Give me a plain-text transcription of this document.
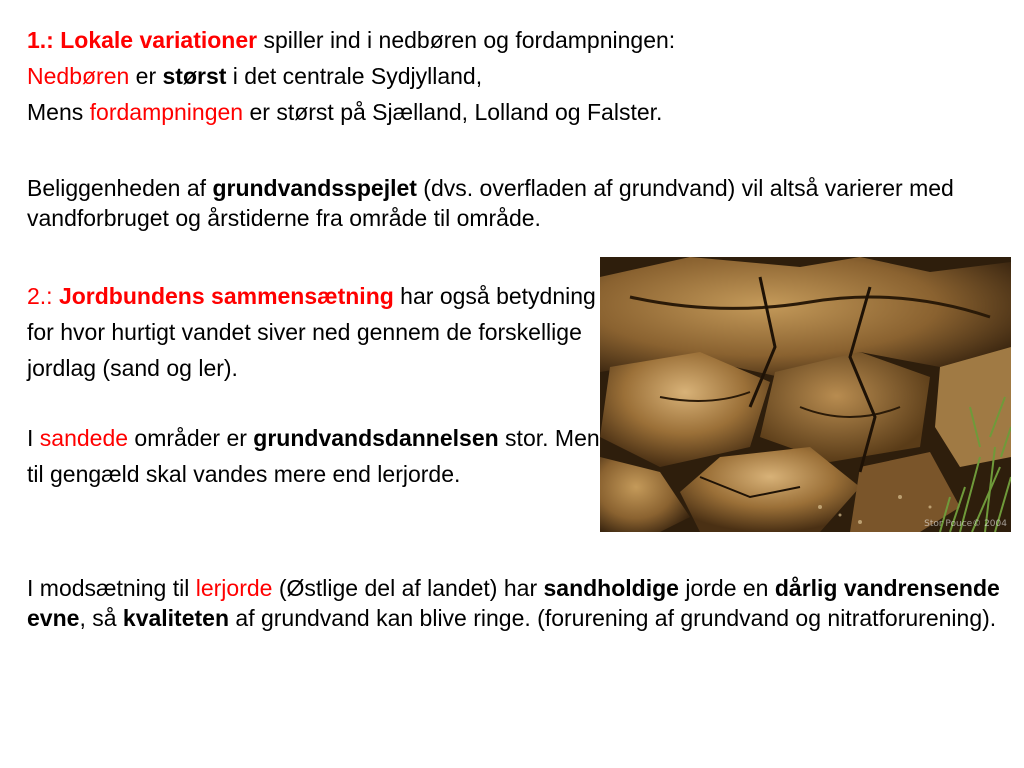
1.: Lokale variationer spiller ind i nedbøren og fordampningen:
Nedbøren er størst i det centrale Sydjylland,
Mens fordampningen er størst på Sjælland, Lolland og Falster.

Beliggenheden af grundvandsspejlet (dvs. overfladen af grundvand) vil altså varierer med vandforbruget og årstiderne fra område til område.

2.: Jordbundens sammensætning har også betydning for hvor hurtigt vandet siver ned gennem de forskellige jordlag (sand og ler).

I sandede områder er grundvandsdannelsen stor. Men til gengæld skal vandes mere end lerjorde.

I modsætning til lerjorde (Østlige del af landet) har sandholdige jorde en dårlig vandrensende evne, så kvaliteten af grundvand kan blive ringe. (forurening af grundvand og nitratforurening).

Stor Pouce© 2004
